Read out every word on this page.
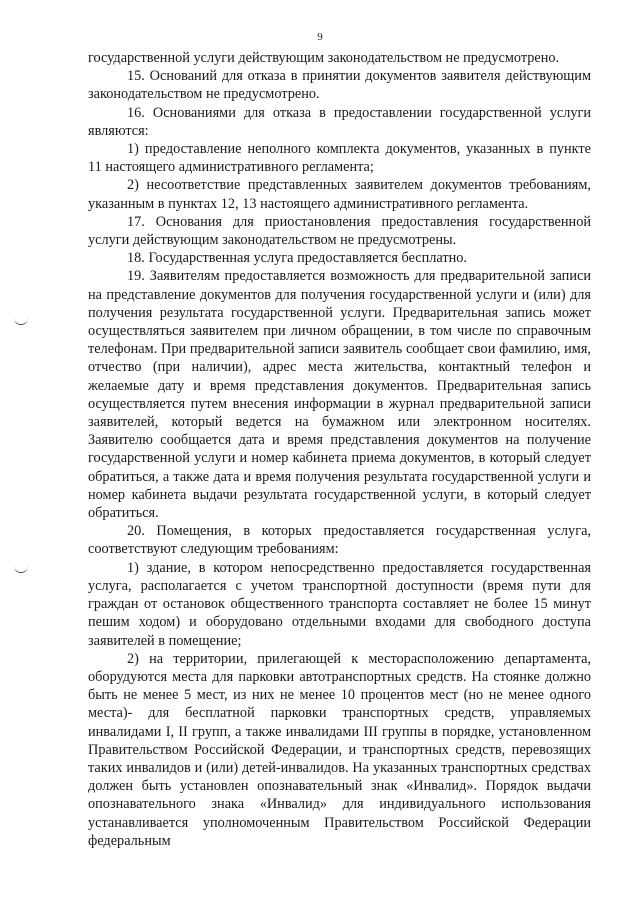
9

государственной услуги действующим законодательством не предусмотрено.

15. Оснований для отказа в принятии документов заявителя действующим законодательством не предусмотрено.

16. Основаниями для отказа в предоставлении государственной услуги являются:

1) предоставление неполного комплекта документов, указанных в пункте 11 настоящего административного регламента;

2) несоответствие представленных заявителем документов требованиям, указанным в пунктах 12, 13 настоящего административного регламента.

17. Основания для приостановления предоставления государственной услуги действующим законодательством не предусмотрены.

18. Государственная услуга предоставляется бесплатно.

19. Заявителям предоставляется возможность для предварительной записи на представление документов для получения государственной услуги и (или) для получения результата государственной услуги. Предварительная запись может осуществляться заявителем при личном обращении, в том числе по справочным телефонам. При предварительной записи заявитель сообщает свои фамилию, имя, отчество (при наличии), адрес места жительства, контактный телефон и желаемые дату и время представления документов. Предварительная запись осуществляется путем внесения информации в журнал предварительной записи заявителей, который ведется на бумажном или электронном носителях. Заявителю сообщается дата и время представления документов на получение государственной услуги и номер кабинета приема документов, в который следует обратиться, а также дата и время получения результата государственной услуги и номер кабинета выдачи результата государственной услуги, в который следует обратиться.

20. Помещения, в которых предоставляется государственная услуга, соответствуют следующим требованиям:

1) здание, в котором непосредственно предоставляется государственная услуга, располагается с учетом транспортной доступности (время пути для граждан от остановок общественного транспорта составляет не более 15 минут пешим ходом) и оборудовано отдельными входами для свободного доступа заявителей в помещение;

2) на территории, прилегающей к месторасположению департамента, оборудуются места для парковки автотранспортных средств. На стоянке должно быть не менее 5 мест, из них не менее 10 процентов мест (но не менее одного места)- для бесплатной парковки транспортных средств, управляемых инвалидами I, II групп, а также инвалидами III группы в порядке, установленном Правительством Российской Федерации, и транспортных средств, перевозящих таких инвалидов и (или) детей-инвалидов. На указанных транспортных средствах должен быть установлен опознавательный знак «Инвалид». Порядок выдачи опознавательного знака «Инвалид» для индивидуального использования устанавливается уполномоченным Правительством Российской Федерации федеральным
